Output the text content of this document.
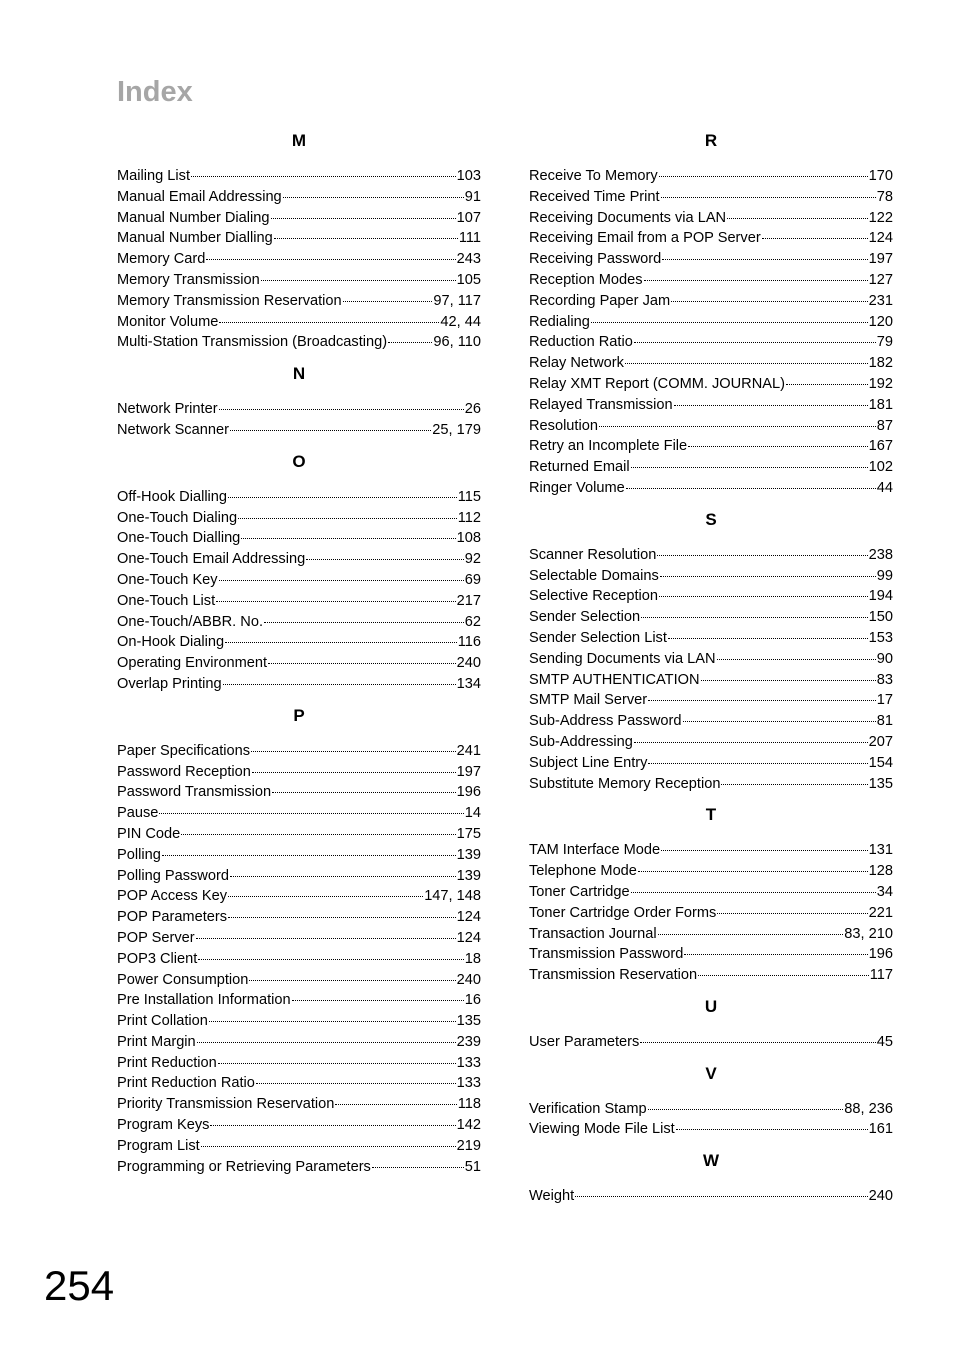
Index
M
Mailing List	103
Manual Email Addressing	91
Manual Number Dialing	107
Manual Number Dialling	111
Memory Card	243
Memory Transmission	105
Memory Transmission Reservation	97, 117
Monitor Volume	42, 44
Multi-Station Transmission (Broadcasting)	96, 110
N
Network Printer	26
Network Scanner	25, 179
O
Off-Hook Dialling	115
One-Touch Dialing	112
One-Touch Dialling	108
One-Touch Email Addressing	92
One-Touch Key	69
One-Touch List	217
One-Touch/ABBR. No.	62
On-Hook Dialing	116
Operating Environment	240
Overlap Printing	134
P
Paper Specifications	241
Password Reception	197
Password Transmission	196
Pause	14
PIN Code	175
Polling	139
Polling Password	139
POP Access Key	147, 148
POP Parameters	124
POP Server	124
POP3 Client	18
Power Consumption	240
Pre Installation Information	16
Print Collation	135
Print Margin	239
Print Reduction	133
Print Reduction Ratio	133
Priority Transmission Reservation	118
Program Keys	142
Program List	219
Programming or Retrieving Parameters	51
R
Receive To Memory	170
Received Time Print	78
Receiving Documents via LAN	122
Receiving Email from a POP Server	124
Receiving Password	197
Reception Modes	127
Recording Paper Jam	231
Redialing	120
Reduction Ratio	79
Relay Network	182
Relay XMT Report (COMM. JOURNAL)	192
Relayed Transmission	181
Resolution	87
Retry an Incomplete File	167
Returned Email	102
Ringer Volume	44
S
Scanner Resolution	238
Selectable Domains	99
Selective Reception	194
Sender Selection	150
Sender Selection List	153
Sending Documents via LAN	90
SMTP AUTHENTICATION	83
SMTP Mail Server	17
Sub-Address Password	81
Sub-Addressing	207
Subject Line Entry	154
Substitute Memory Reception	135
T
TAM Interface Mode	131
Telephone Mode	128
Toner Cartridge	34
Toner Cartridge Order Forms	221
Transaction Journal	83, 210
Transmission Password	196
Transmission Reservation	117
U
User Parameters	45
V
Verification Stamp	88, 236
Viewing Mode File List	161
W
Weight	240
254
